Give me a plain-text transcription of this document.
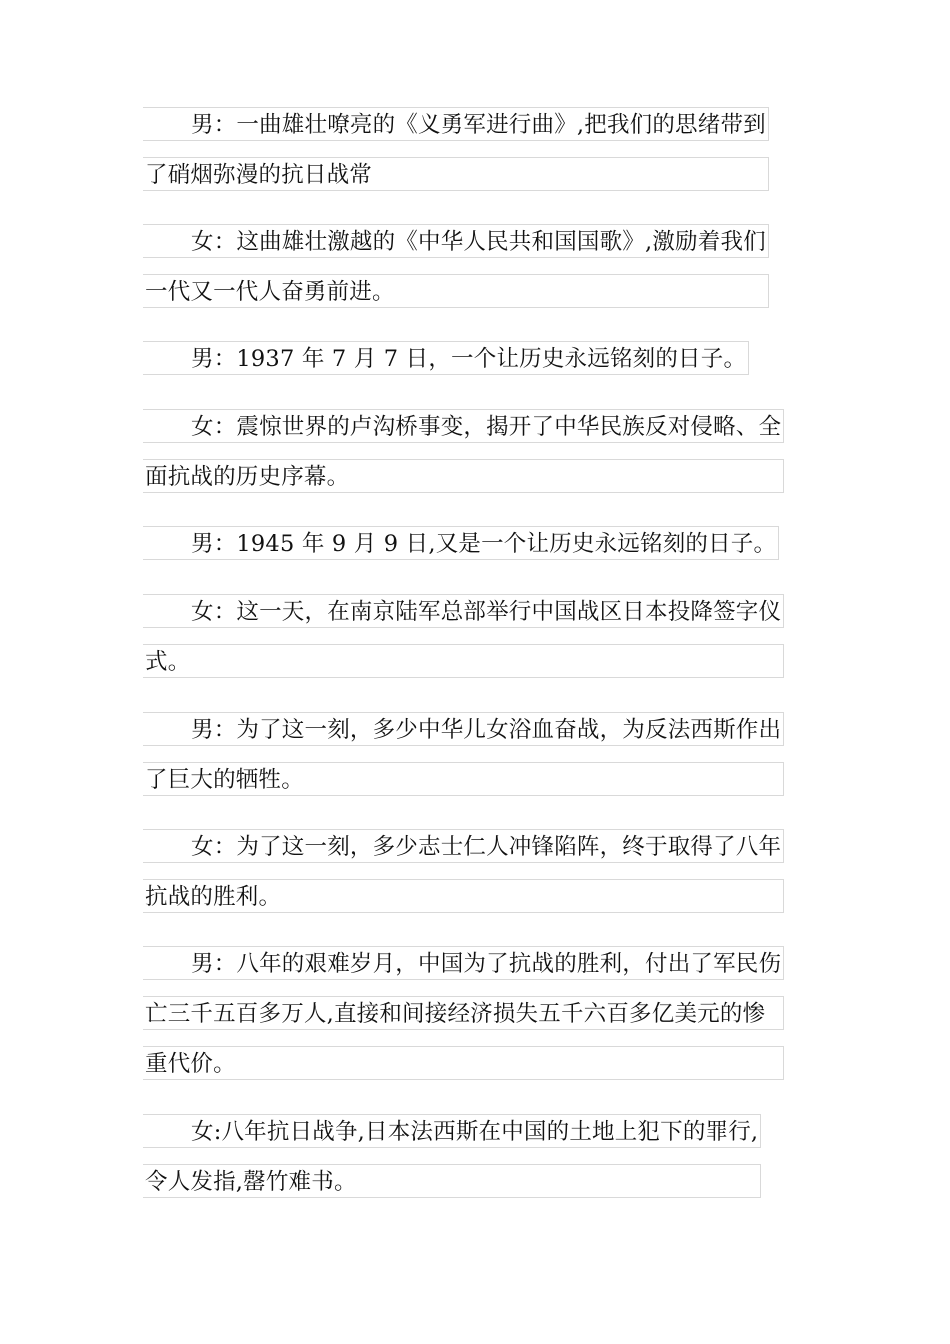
男：一曲雄壮嘹亮的《义勇军进行曲》,把我们的思绪带到
了硝烟弥漫的抗日战常
女：这曲雄壮激越的《中华人民共和国国歌》,激励着我们
一代又一代人奋勇前进。
男：1937 年 7 月 7 日，一个让历史永远铭刻的日子。
女：震惊世界的卢沟桥事变，揭开了中华民族反对侵略、全
面抗战的历史序幕。
男：1945 年 9 月 9 日,又是一个让历史永远铭刻的日子。
女：这一天，在南京陆军总部举行中国战区日本投降签字仪
式。
男：为了这一刻，多少中华儿女浴血奋战，为反法西斯作出
了巨大的牺牲。
女：为了这一刻，多少志士仁人冲锋陷阵，终于取得了八年
抗战的胜利。
男：八年的艰难岁月，中国为了抗战的胜利，付出了军民伤
亡三千五百多万人,直接和间接经济损失五千六百多亿美元的惨
重代价。
女:八年抗日战争,日本法西斯在中国的土地上犯下的罪行,
令人发指,罄竹难书。
